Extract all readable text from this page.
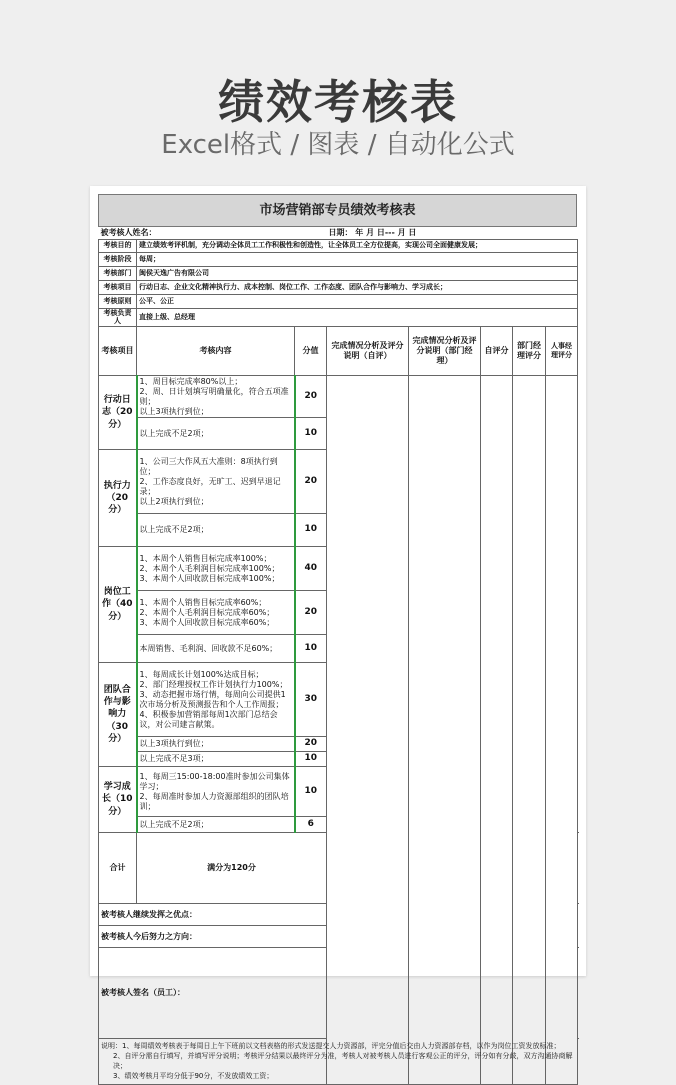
绩效考核表
Excel格式 / 图表 / 自动化公式
市场营销部专员绩效考核表
被考核人姓名：			日期： 年 月 日--- 月 日					
考核目的	建立绩效考评机制，充分调动全体员工工作积极性和创造性，让全体员工全方位提高，实现公司全面健康发展；							
考核阶段	每周；							
考核部门	闽侯天逸广告有限公司							
考核项目	行动日志、企业文化精神执行力、成本控制、岗位工作、工作态度、团队合作与影响力、学习成长；							
考核原则	公平、公正							
考核负责人	直接上级、总经理							
考核项目	考核内容	分值	完成情况分析及评分说明（自评）	完成情况分析及评分说明（部门经理）	自评分	部门经理评分	人事经理评分	
行动日志（20分）	1、周目标完成率80%以上；
2、周、日计划填写明确量化，符合五项准则；
以上3项执行到位；	20						
	以上完成不足2项；	10						
执行力（20分）	1、公司三大作风五大准则：8项执行到位；
2、工作态度良好，无旷工、迟到早退记录；
以上2项执行到位；	20						
	以上完成不足2项；	10						
岗位工作（40分）	1、本周个人销售目标完成率100%；
2、本周个人毛利润目标完成率100%；
3、本周个人回收款目标完成率100%；	40						
	1、本周个人销售目标完成率60%；
2、本周个人毛利润目标完成率60%；
3、本周个人回收款目标完成率60%；	20						
	本周销售、毛利润、回收款不足60%；	10						
团队合作与影响力（30分）	1、每周成长计划100%达成目标；
2、部门经理授权工作计划执行力100%；
3、动态把握市场行情，每周向公司提供1次市场分析及预测报告和个人工作周报；
4、积极参加营销部每周1次部门总结会议，对公司建言献策。	30						
	以上3项执行到位；	20						
	以上完成不足3项；	10						
学习成长（10分）	1、每周三15:00-18:00准时参加公司集体学习；
2、每周准时参加人力资源部组织的团队培训；	10						
	以上完成不足2项；	6						
合计	满分为120分				
被考核人继续发挥之优点：								
被考核人今后努力之方向：								
被考核人签名（员工）：	

说明：1、每周绩效考核表于每周日上午下班前以文档表格的形式发送提交人力资源部，评完分值后交由人力资源部存档，以作为岗位工资发放标准；
2、自评分需自行填写，并填写评分说明；考核评分结果以最终评分为准，考核人对被考核人员进行客观公正的评分，评分如有分歧，双方沟通协商解决；
3、绩效考核月平均分低于90分，不发放绩效工资；								
